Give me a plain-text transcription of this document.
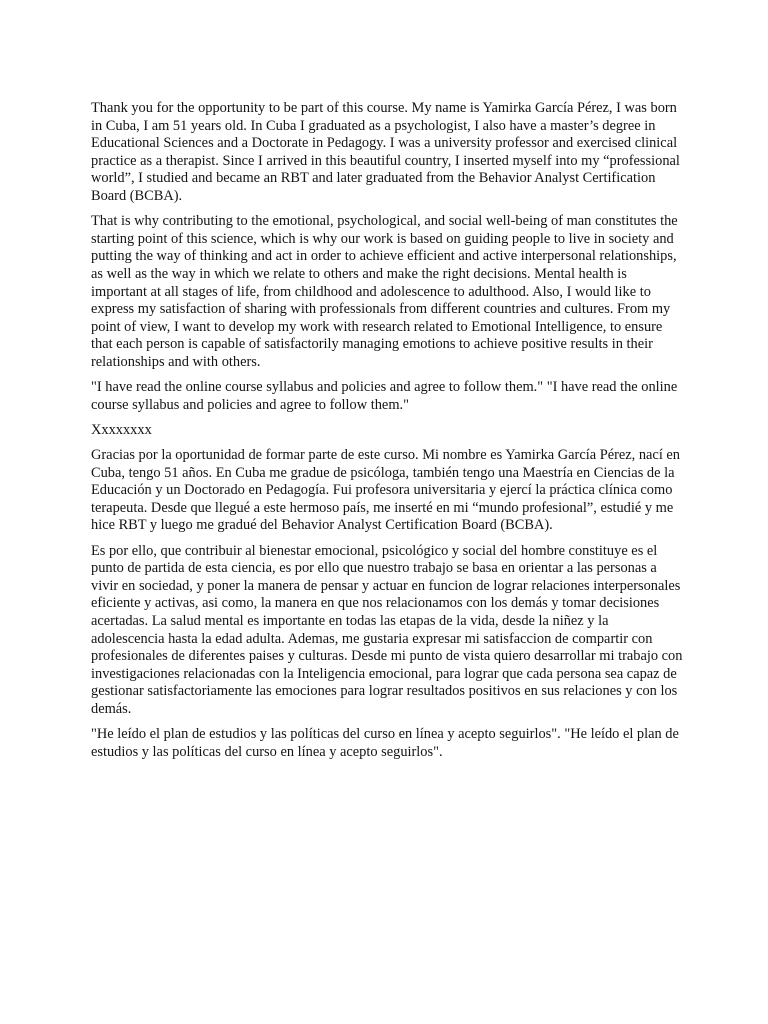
Thank you for the opportunity to be part of this course. My name is Yamirka García Pérez, I was born in Cuba, I am 51 years old. In Cuba I graduated as a psychologist, I also have a master’s degree in Educational Sciences and a Doctorate in Pedagogy. I was a university professor and exercised clinical practice as a therapist. Since I arrived in this beautiful country, I inserted myself into my “professional world”, I studied and became an RBT and later graduated from the Behavior Analyst Certification Board (BCBA).

That is why contributing to the emotional, psychological, and social well-being of man constitutes the starting point of this science, which is why our work is based on guiding people to live in society and putting the way of thinking and act in order to achieve efficient and active interpersonal relationships, as well as the way in which we relate to others and make the right decisions. Mental health is important at all stages of life, from childhood and adolescence to adulthood. Also, I would like to express my satisfaction of sharing with professionals from different countries and cultures. From my point of view, I want to develop my work with research related to Emotional Intelligence, to ensure that each person is capable of satisfactorily managing emotions to achieve positive results in their relationships and with others.

"I have read the online course syllabus and policies and agree to follow them." "I have read the online course syllabus and policies and agree to follow them."

Xxxxxxxx

Gracias por la oportunidad de formar parte de este curso. Mi nombre es Yamirka García Pérez, nací en Cuba, tengo 51 años. En Cuba me gradue de psicóloga, también tengo una Maestría en Ciencias de la Educación y un Doctorado en Pedagogía. Fui profesora universitaria y ejercí la práctica clínica como terapeuta. Desde que llegué a este hermoso país, me inserté en mi “mundo profesional”, estudié y me hice RBT y luego me gradué del Behavior Analyst Certification Board (BCBA).

Es por ello, que contribuir al bienestar emocional, psicológico y social del hombre constituye es el punto de partida de esta ciencia, es por ello que nuestro trabajo se basa en orientar a las personas a vivir en sociedad, y poner la manera de pensar y actuar en funcion de lograr relaciones interpersonales eficiente y activas, asi como, la manera en que nos relacionamos con los demás y tomar decisiones acertadas. La salud mental es importante en todas las etapas de la vida, desde la niñez y la adolescencia hasta la edad adulta. Ademas, me gustaria expresar mi satisfaccion de compartir con profesionales de diferentes paises y culturas. Desde mi punto de vista quiero desarrollar mi trabajo con investigaciones relacionadas con la Inteligencia emocional, para lograr que cada persona sea capaz de gestionar satisfactoriamente las emociones para lograr resultados positivos en sus relaciones y con los demás.

"He leído el plan de estudios y las políticas del curso en línea y acepto seguirlos". "He leído el plan de estudios y las políticas del curso en línea y acepto seguirlos".
